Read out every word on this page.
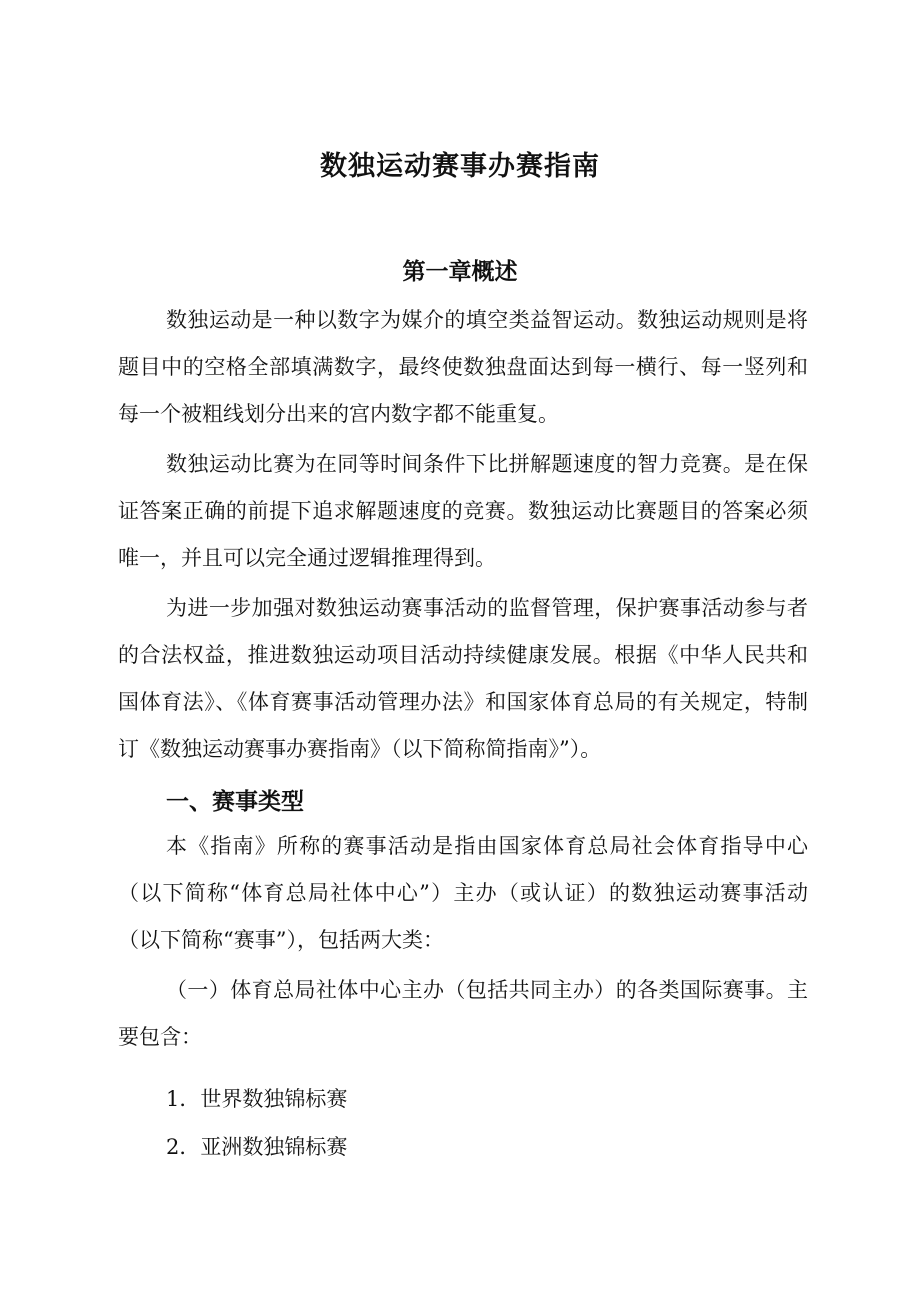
数独运动赛事办赛指南
第一章概述

数独运动是一种以数字为媒介的填空类益智运动。数独运动规则是将题目中的空格全部填满数字，最终使数独盘面达到每一横行、每一竖列和每一个被粗线划分出来的宫内数字都不能重复。

数独运动比赛为在同等时间条件下比拼解题速度的智力竞赛。是在保证答案正确的前提下追求解题速度的竞赛。数独运动比赛题目的答案必须唯一，并且可以完全通过逻辑推理得到。

为进一步加强对数独运动赛事活动的监督管理，保护赛事活动参与者的合法权益，推进数独运动项目活动持续健康发展。根据《中华人民共和国体育法》、《体育赛事活动管理办法》和国家体育总局的有关规定，特制订《数独运动赛事办赛指南》（以下简称简指南》”）。

一、赛事类型

本《指南》所称的赛事活动是指由国家体育总局社会体育指导中心（以下简称“体育总局社体中心”）主办（或认证）的数独运动赛事活动（以下简称“赛事”），包括两大类：

（一）体育总局社体中心主办（包括共同主办）的各类国际赛事。主要包含：

1．世界数独锦标赛
2．亚洲数独锦标赛
